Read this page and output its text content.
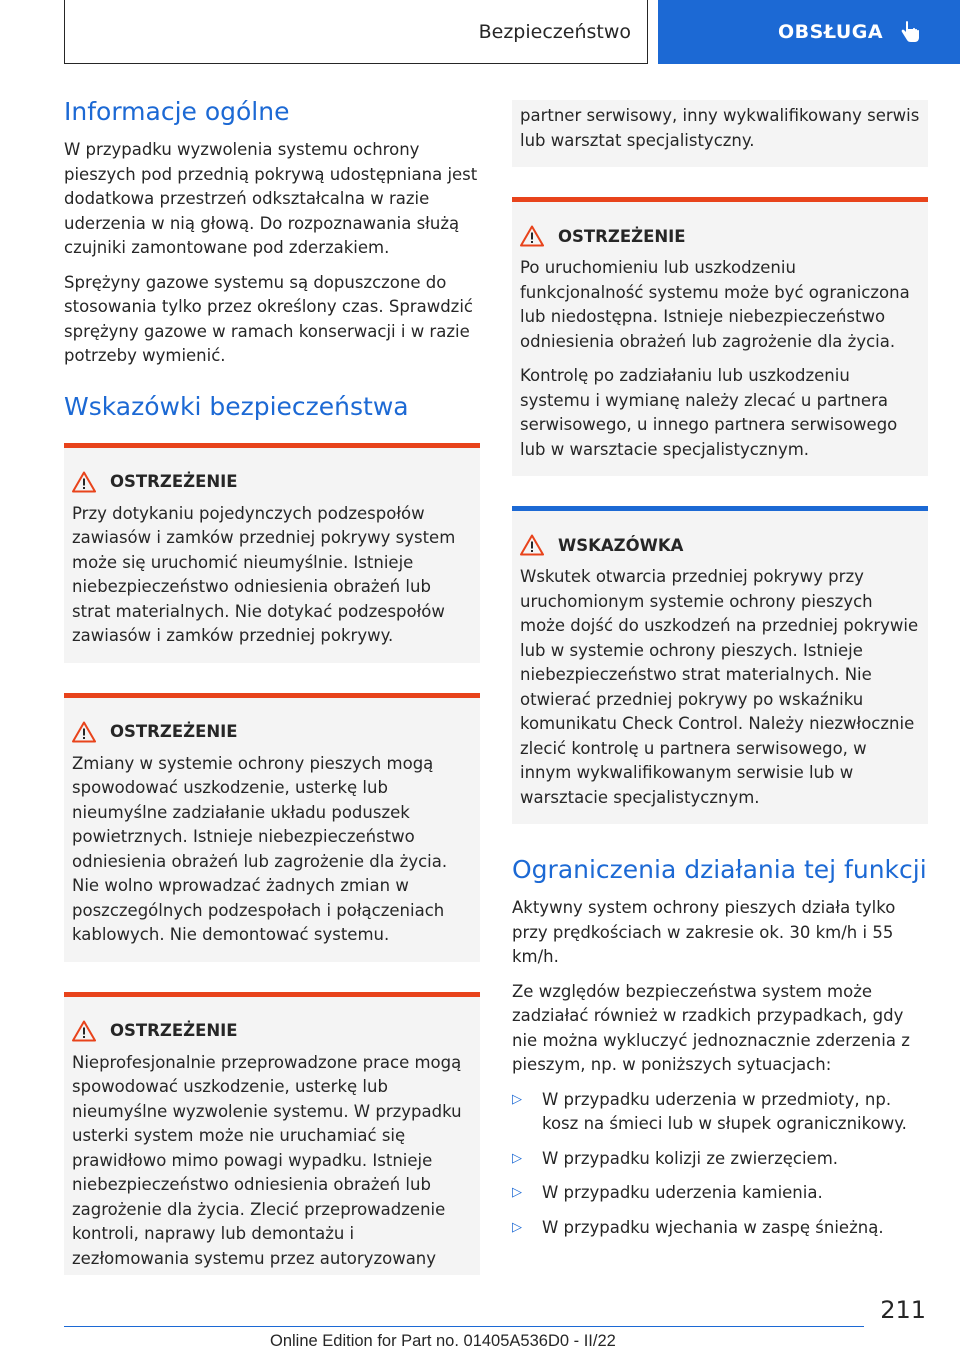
Bezpieczeństwo	OBSŁUGA
Informacje ogólne

W przypadku wyzwolenia systemu ochrony pieszych pod przednią pokrywą udostępniana jest dodatkowa przestrzeń odkształcalna w razie uderzenia w nią głową. Do rozpoznawania służą czujniki zamontowane pod zderzakiem.

Sprężyny gazowe systemu są dopuszczone do stosowania tylko przez określony czas. Sprawdzić sprężyny gazowe w ramach konserwacji i w razie potrzeby wymienić.

Wskazówki bezpieczeństwa
OSTRZEŻENIE

Przy dotykaniu pojedynczych podzespołów zawiasów i zamków przedniej pokrywy system może się uruchomić nieumyślnie. Istnieje niebezpieczeństwo odniesienia obrażeń lub strat materialnych. Nie dotykać podzespołów zawiasów i zamków przedniej pokrywy.

OSTRZEŻENIE

Zmiany w systemie ochrony pieszych mogą spowodować uszkodzenie, usterkę lub nieumyślne zadziałanie układu poduszek powietrznych. Istnieje niebezpieczeństwo odniesienia obrażeń lub zagrożenie dla życia. Nie wolno wprowadzać żadnych zmian w poszczególnych podzespołach i połączeniach kablowych. Nie demontować systemu.

OSTRZEŻENIE

Nieprofesjonalnie przeprowadzone prace mogą spowodować uszkodzenie, usterkę lub nieumyślne wyzwolenie systemu. W przypadku usterki system może nie uruchamiać się prawidłowo mimo powagi wypadku. Istnieje niebezpieczeństwo odniesienia obrażeń lub zagrożenie dla życia. Zlecić przeprowadzenie kontroli, naprawy lub demontażu i zezłomowania systemu przez autoryzowany

partner serwisowy, inny wykwalifikowany serwis lub warsztat specjalistyczny.

OSTRZEŻENIE

Po uruchomieniu lub uszkodzeniu funkcjonalność systemu może być ograniczona lub niedostępna. Istnieje niebezpieczeństwo odniesienia obrażeń lub zagrożenie dla życia.

Kontrolę po zadziałaniu lub uszkodzeniu systemu i wymianę należy zlecać u partnera serwisowego, u innego partnera serwisowego lub w warsztacie specjalistycznym.

WSKAZÓWKA

Wskutek otwarcia przedniej pokrywy przy uruchomionym systemie ochrony pieszych może dojść do uszkodzeń na przedniej pokrywie lub w systemie ochrony pieszych. Istnieje niebezpieczeństwo strat materialnych. Nie otwierać przedniej pokrywy po wskaźniku komunikatu Check Control. Należy niezwłocznie zlecić kontrolę u partnera serwisowego, w innym wykwalifikowanym serwisie lub w warsztacie specjalistycznym.

Ograniczenia działania tej funkcji

Aktywny system ochrony pieszych działa tylko przy prędkościach w zakresie ok. 30 km/h i 55 km/h.

Ze względów bezpieczeństwa system może zadziałać również w rzadkich przypadkach, gdy nie można wykluczyć jednoznacznie zderzenia z pieszym, np. w poniższych sytuacjach:

▷ W przypadku uderzenia w przedmioty, np. kosz na śmieci lub w słupek ogranicznikowy.
▷ W przypadku kolizji ze zwierzęciem.
▷ W przypadku uderzenia kamienia.
▷ W przypadku wjechania w zaspę śnieżną.
211
Online Edition for Part no. 01405A536D0 - II/22
